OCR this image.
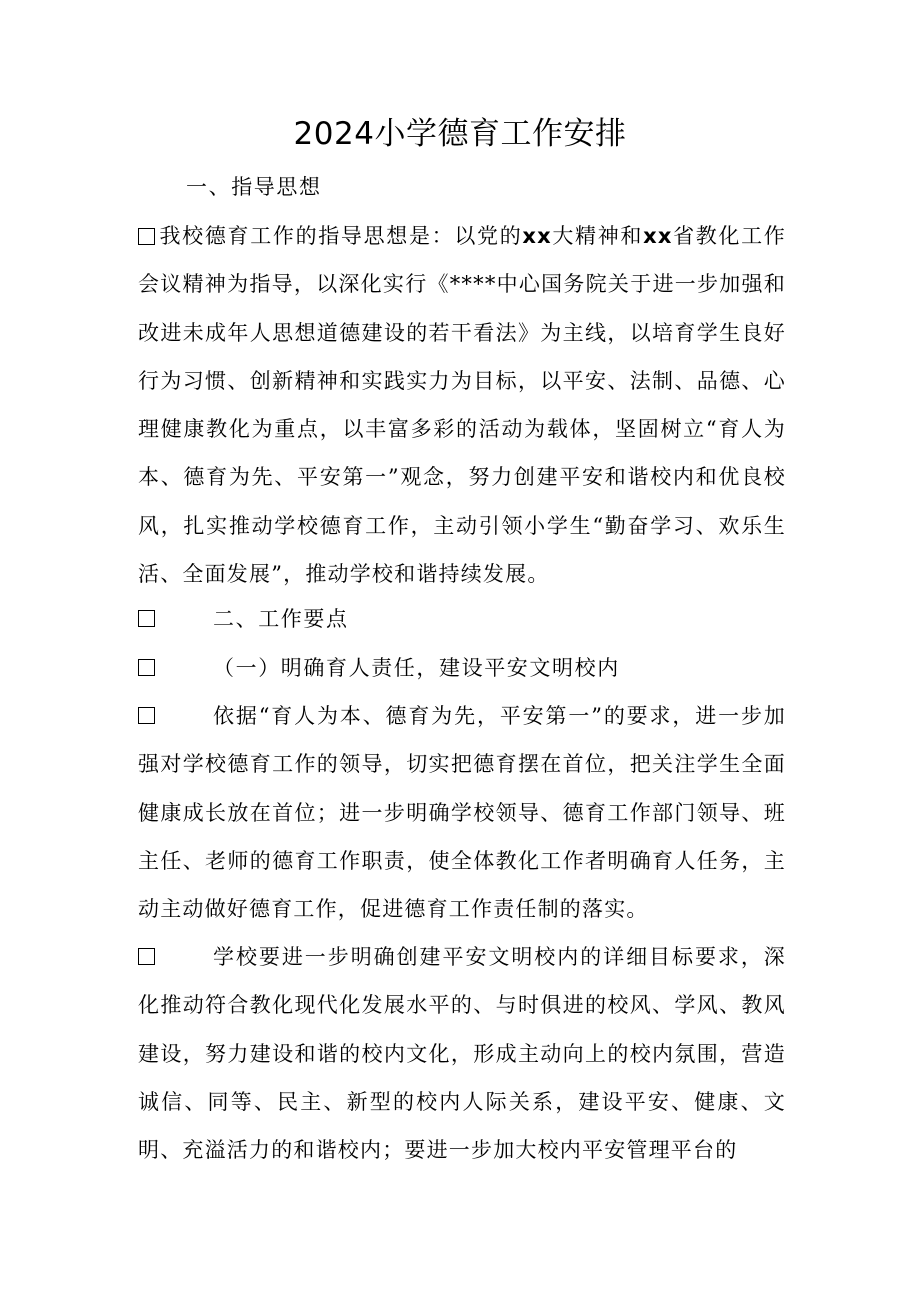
2024小学德育工作安排
一、指导思想
我校德育工作的指导思想是：以党的xx大精神和xx省教化工作会议精神为指导，以深化实行《****中心国务院关于进一步加强和改进未成年人思想道德建设的若干看法》为主线，以培育学生良好行为习惯、创新精神和实践实力为目标，以平安、法制、品德、心理健康教化为重点，以丰富多彩的活动为载体，坚固树立“育人为本、德育为先、平安第一”观念，努力创建平安和谐校内和优良校风，扎实推动学校德育工作，主动引领小学生“勤奋学习、欢乐生活、全面发展”，推动学校和谐持续发展。
二、工作要点
（一）明确育人责任，建设平安文明校内
依据“育人为本、德育为先，平安第一”的要求，进一步加强对学校德育工作的领导，切实把德育摆在首位，把关注学生全面健康成长放在首位；进一步明确学校领导、德育工作部门领导、班主任、老师的德育工作职责，使全体教化工作者明确育人任务，主动主动做好德育工作，促进德育工作责任制的落实。
学校要进一步明确创建平安文明校内的详细目标要求，深化推动符合教化现代化发展水平的、与时俱进的校风、学风、教风建设，努力建设和谐的校内文化，形成主动向上的校内氛围，营造诚信、同等、民主、新型的校内人际关系，建设平安、健康、文明、充溢活力的和谐校内；要进一步加大校内平安管理平台的
